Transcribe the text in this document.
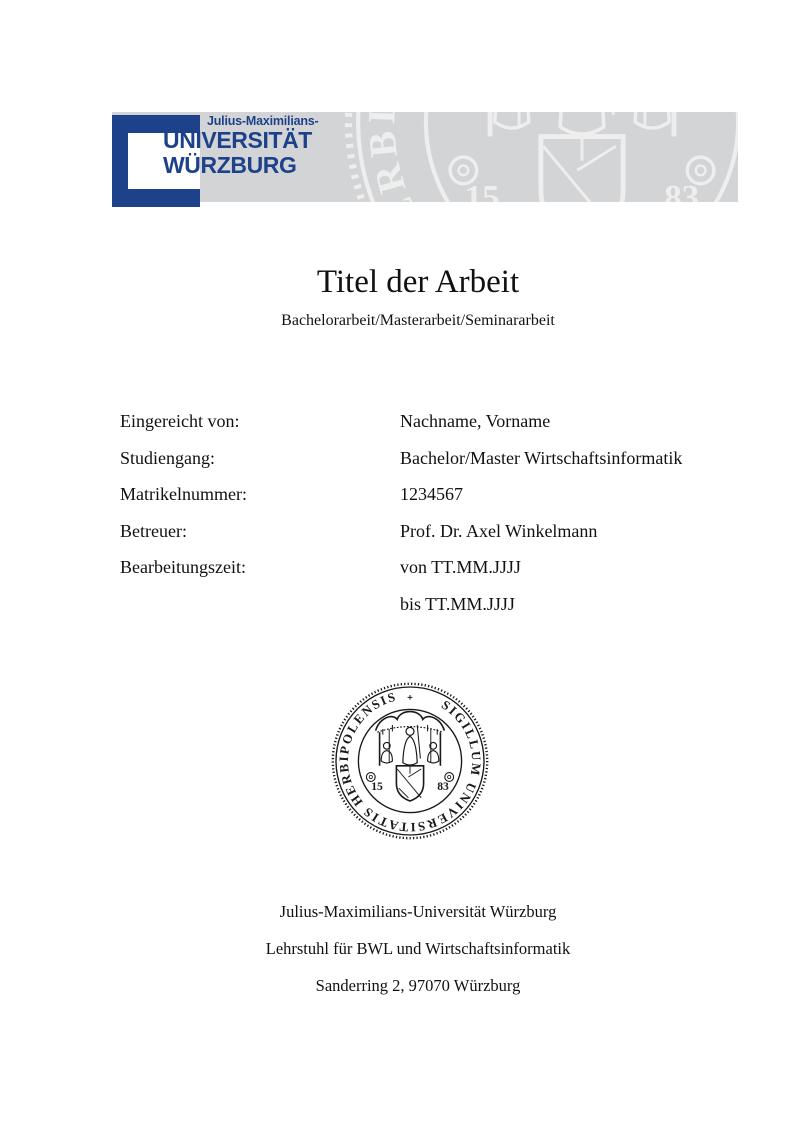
Julius-Maximilians-
UNIVERSITÄT
WÜRZBURG
Titel der Arbeit

Bachelorarbeit/Masterarbeit/Seminararbeit

Eingereicht von:	Nachname, Vorname
Studiengang:	Bachelor/Master Wirtschaftsinformatik
Matrikelnummer:	1234567
Betreuer:	Prof. Dr. Axel Winkelmann
Bearbeitungszeit:	von TT.MM.JJJJ
bis TT.MM.JJJJ

Julius-Maximilians-Universität Würzburg

Lehrstuhl für BWL und Wirtschaftsinformatik

Sanderring 2, 97070 Würzburg
